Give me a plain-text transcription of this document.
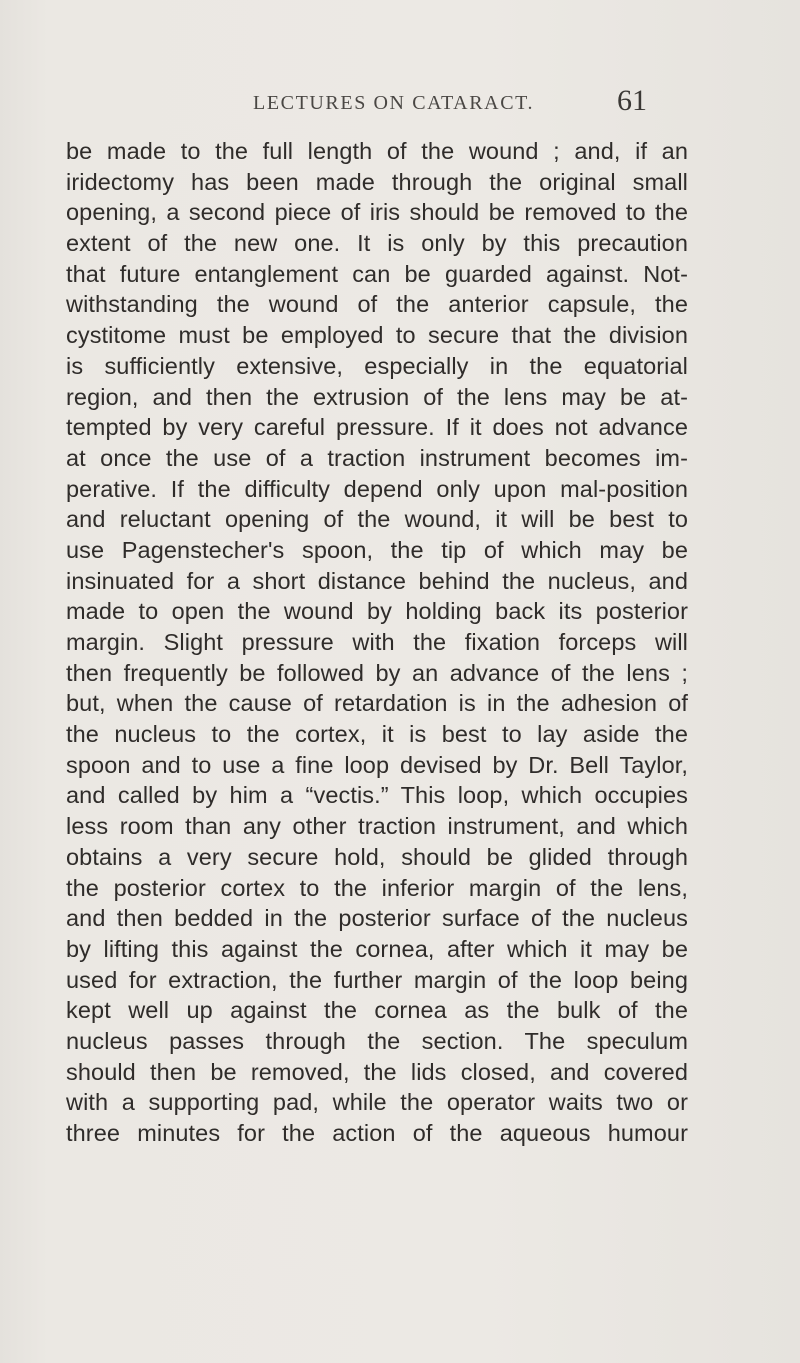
LECTURES ON CATARACT.	61
be made to the full length of the wound ; and, if an
iridectomy has been made through the original small
opening, a second piece of iris should be removed to the
extent of the new one. It is only by this precaution
that future entanglement can be guarded against. Not-
withstanding the wound of the anterior capsule, the
cystitome must be employed to secure that the division
is sufficiently extensive, especially in the equatorial
region, and then the extrusion of the lens may be at-
tempted by very careful pressure. If it does not advance
at once the use of a traction instrument becomes im-
perative. If the difficulty depend only upon mal-position
and reluctant opening of the wound, it will be best to
use Pagenstecher's spoon, the tip of which may be
insinuated for a short distance behind the nucleus, and
made to open the wound by holding back its posterior
margin. Slight pressure with the fixation forceps will
then frequently be followed by an advance of the lens ;
but, when the cause of retardation is in the adhesion of
the nucleus to the cortex, it is best to lay aside the
spoon and to use a fine loop devised by Dr. Bell Taylor,
and called by him a “vectis.” This loop, which occupies
less room than any other traction instrument, and which
obtains a very secure hold, should be glided through
the posterior cortex to the inferior margin of the lens,
and then bedded in the posterior surface of the nucleus
by lifting this against the cornea, after which it may be
used for extraction, the further margin of the loop being
kept well up against the cornea as the bulk of the
nucleus passes through the section. The speculum
should then be removed, the lids closed, and covered
with a supporting pad, while the operator waits two or
three minutes for the action of the aqueous humour
